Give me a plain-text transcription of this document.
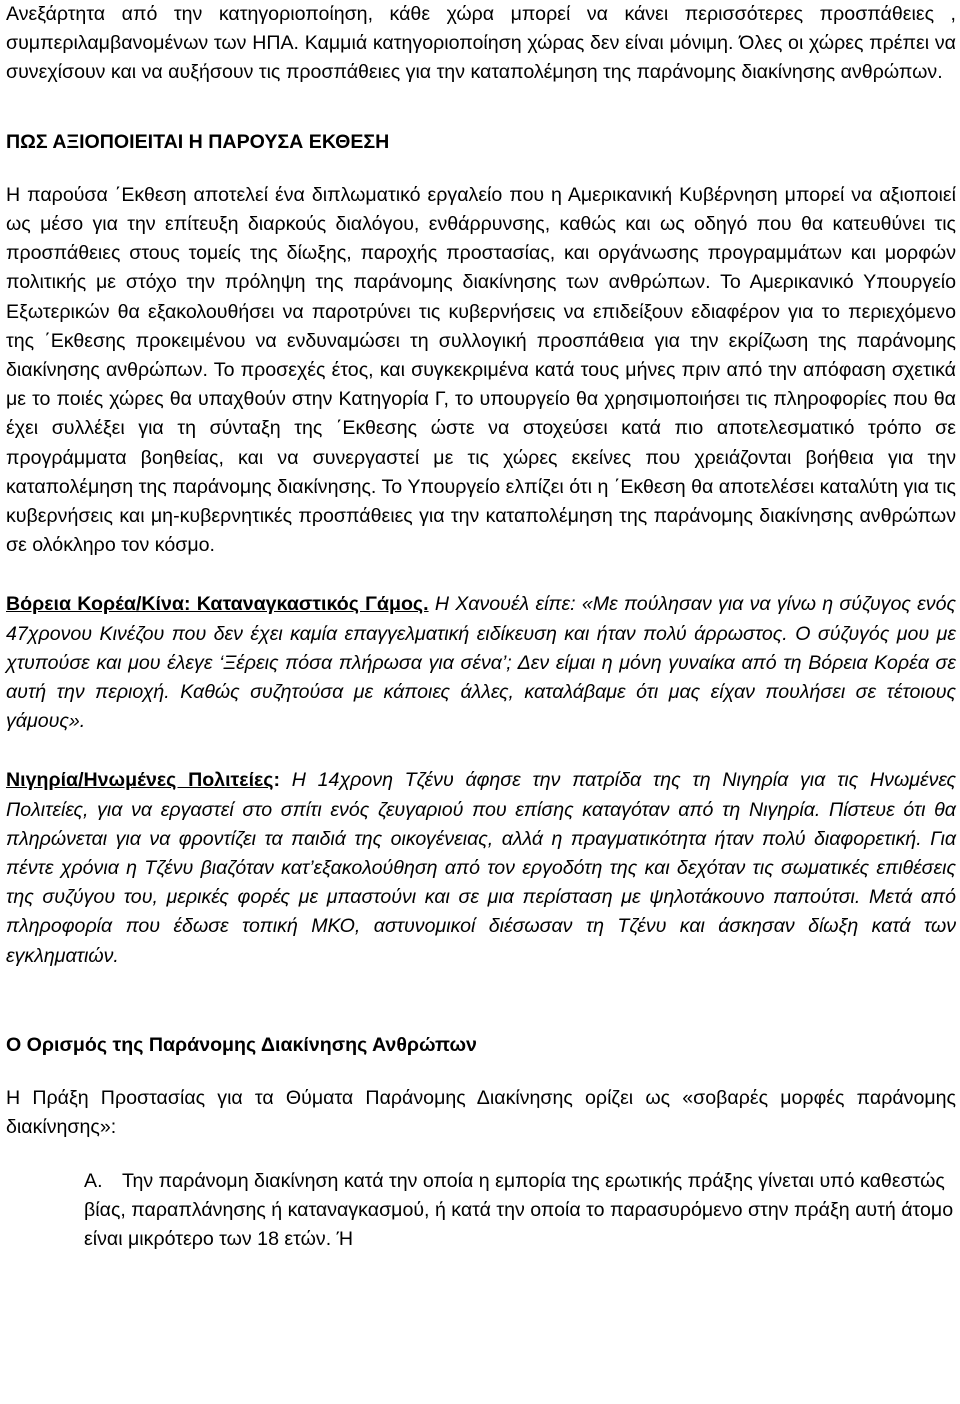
Ανεξάρτητα από την κατηγοριοποίηση, κάθε χώρα μπορεί να κάνει περισσότερες προσπάθειες , συμπεριλαμβανομένων των ΗΠΑ. Καμμιά κατηγοριοποίηση χώρας δεν είναι μόνιμη. Όλες οι χώρες πρέπει να συνεχίσουν και να αυξήσουν τις προσπάθειες για την καταπολέμηση της παράνομης διακίνησης ανθρώπων.

ΠΩΣ ΑΞΙΟΠΟΙΕΙΤΑΙ Η ΠΑΡΟΥΣΑ ΕΚΘΕΣΗ

Η παρούσα ΄Εκθεση αποτελεί ένα διπλωματικό εργαλείο που η Αμερικανική Κυβέρνηση μπορεί να αξιοποιεί ως μέσο για την επίτευξη διαρκούς διαλόγου, ενθάρρυνσης, καθώς και ως οδηγό που θα κατευθύνει τις προσπάθειες στους τομείς της δίωξης, παροχής προστασίας, και οργάνωσης προγραμμάτων και μορφών πολιτικής με στόχο την πρόληψη της παράνομης διακίνησης των ανθρώπων. Το Αμερικανικό Υπουργείο Εξωτερικών θα εξακολουθήσει να παροτρύνει τις κυβερνήσεις να επιδείξουν εδιαφέρον για το περιεχόμενο της ΄Εκθεσης προκειμένου να ενδυναμώσει τη συλλογική προσπάθεια για την εκρίζωση της παράνομης διακίνησης ανθρώπων. Το προσεχές έτος, και συγκεκριμένα κατά τους μήνες πριν από την απόφαση σχετικά με το ποιές χώρες θα υπαχθούν στην Κατηγορία Γ, το υπουργείο θα χρησιμοποιήσει τις πληροφορίες που θα έχει συλλέξει για τη σύνταξη της ΄Εκθεσης ώστε να στοχεύσει κατά πιο αποτελεσματικό τρόπο σε προγράμματα βοηθείας, και να συνεργαστεί με τις χώρες εκείνες που χρειάζονται βοήθεια για την καταπολέμηση της παράνομης διακίνησης. Το Υπουργείο ελπίζει ότι η ΄Εκθεση θα αποτελέσει καταλύτη για τις κυβερνήσεις και μη-κυβερνητικές προσπάθειες για την καταπολέμηση της παράνομης διακίνησης ανθρώπων σε ολόκληρο τον κόσμο.

Βόρεια Κορέα/Κίνα: Καταναγκαστικός Γάμος. Η Χανουέλ είπε: «Με πούλησαν για να γίνω η σύζυγος ενός 47χρονου Κινέζου που δεν έχει καμία επαγγελματική ειδίκευση και ήταν πολύ άρρωστος. Ο σύζυγός μου με χτυπούσε και μου έλεγε ‘Ξέρεις πόσα πλήρωσα για σένα’; Δεν είμαι η μόνη γυναίκα από τη Βόρεια Κορέα σε αυτή την περιοχή. Καθώς συζητούσα με κάποιες άλλες, καταλάβαμε ότι μας είχαν πουλήσει σε τέτοιους γάμους».

Νιγηρία/Ηνωμένες Πολιτείες: Η 14χρονη Τζένυ άφησε την πατρίδα της τη Νιγηρία για τις Ηνωμένες Πολιτείες, για να εργαστεί στο σπίτι ενός ζευγαριού που επίσης καταγόταν από τη Νιγηρία. Πίστευε ότι θα πληρώνεται για να φροντίζει τα παιδιά της οικογένειας, αλλά η πραγματικότητα ήταν πολύ διαφορετική. Για πέντε χρόνια η Τζένυ βιαζόταν κατ’εξακολούθηση από τον εργοδότη της και δεχόταν τις σωματικές επιθέσεις της συζύγου του, μερικές φορές με μπαστούνι και σε μια περίσταση με ψηλοτάκουνο παπούτσι. Μετά από πληροφορία που έδωσε τοπική ΜΚΟ, αστυνομικοί διέσωσαν τη Τζένυ και άσκησαν δίωξη κατά των εγκληματιών.

Ο Ορισμός της Παράνομης Διακίνησης Ανθρώπων

Η Πράξη Προστασίας για τα Θύματα Παράνομης Διακίνησης ορίζει ως «σοβαρές μορφές παράνομης διακίνησης»:

A. Την παράνομη διακίνηση κατά την οποία η εμπορία της ερωτικής πράξης γίνεται υπό καθεστώς βίας, παραπλάνησης ή καταναγκασμού, ή κατά την οποία το παρασυρόμενο στην πράξη αυτή άτομο είναι μικρότερο των 18 ετών. Ή
